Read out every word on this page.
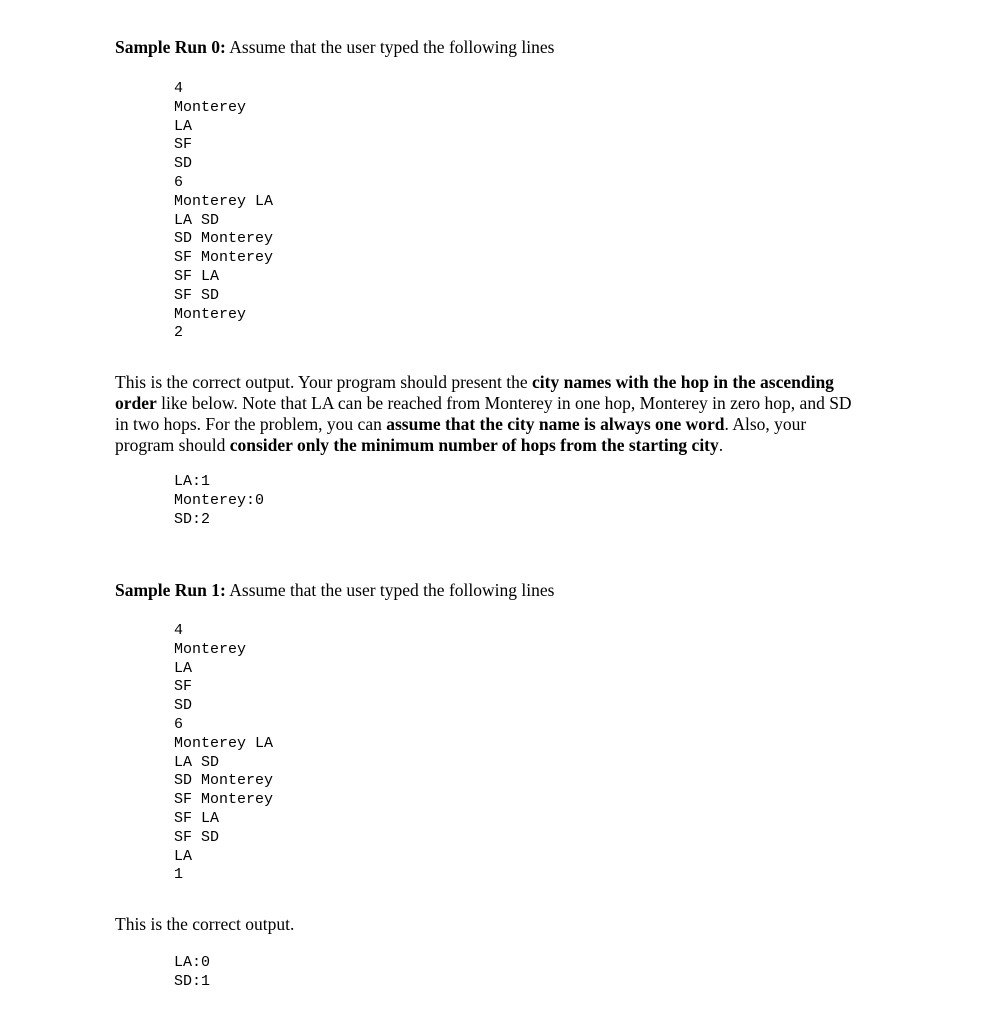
Sample Run 0: Assume that the user typed the following lines
4
Monterey
LA
SF
SD
6
Monterey LA
LA SD
SD Monterey
SF Monterey
SF LA
SF SD
Monterey
2
This is the correct output. Your program should present the city names with the hop in the ascending
order like below. Note that LA can be reached from Monterey in one hop, Monterey in zero hop, and SD
in two hops. For the problem, you can assume that the city name is always one word. Also, your
program should consider only the minimum number of hops from the starting city.
LA:1
Monterey:0
SD:2
Sample Run 1: Assume that the user typed the following lines
4
Monterey
LA
SF
SD
6
Monterey LA
LA SD
SD Monterey
SF Monterey
SF LA
SF SD
LA
1
This is the correct output.
LA:0
SD:1
